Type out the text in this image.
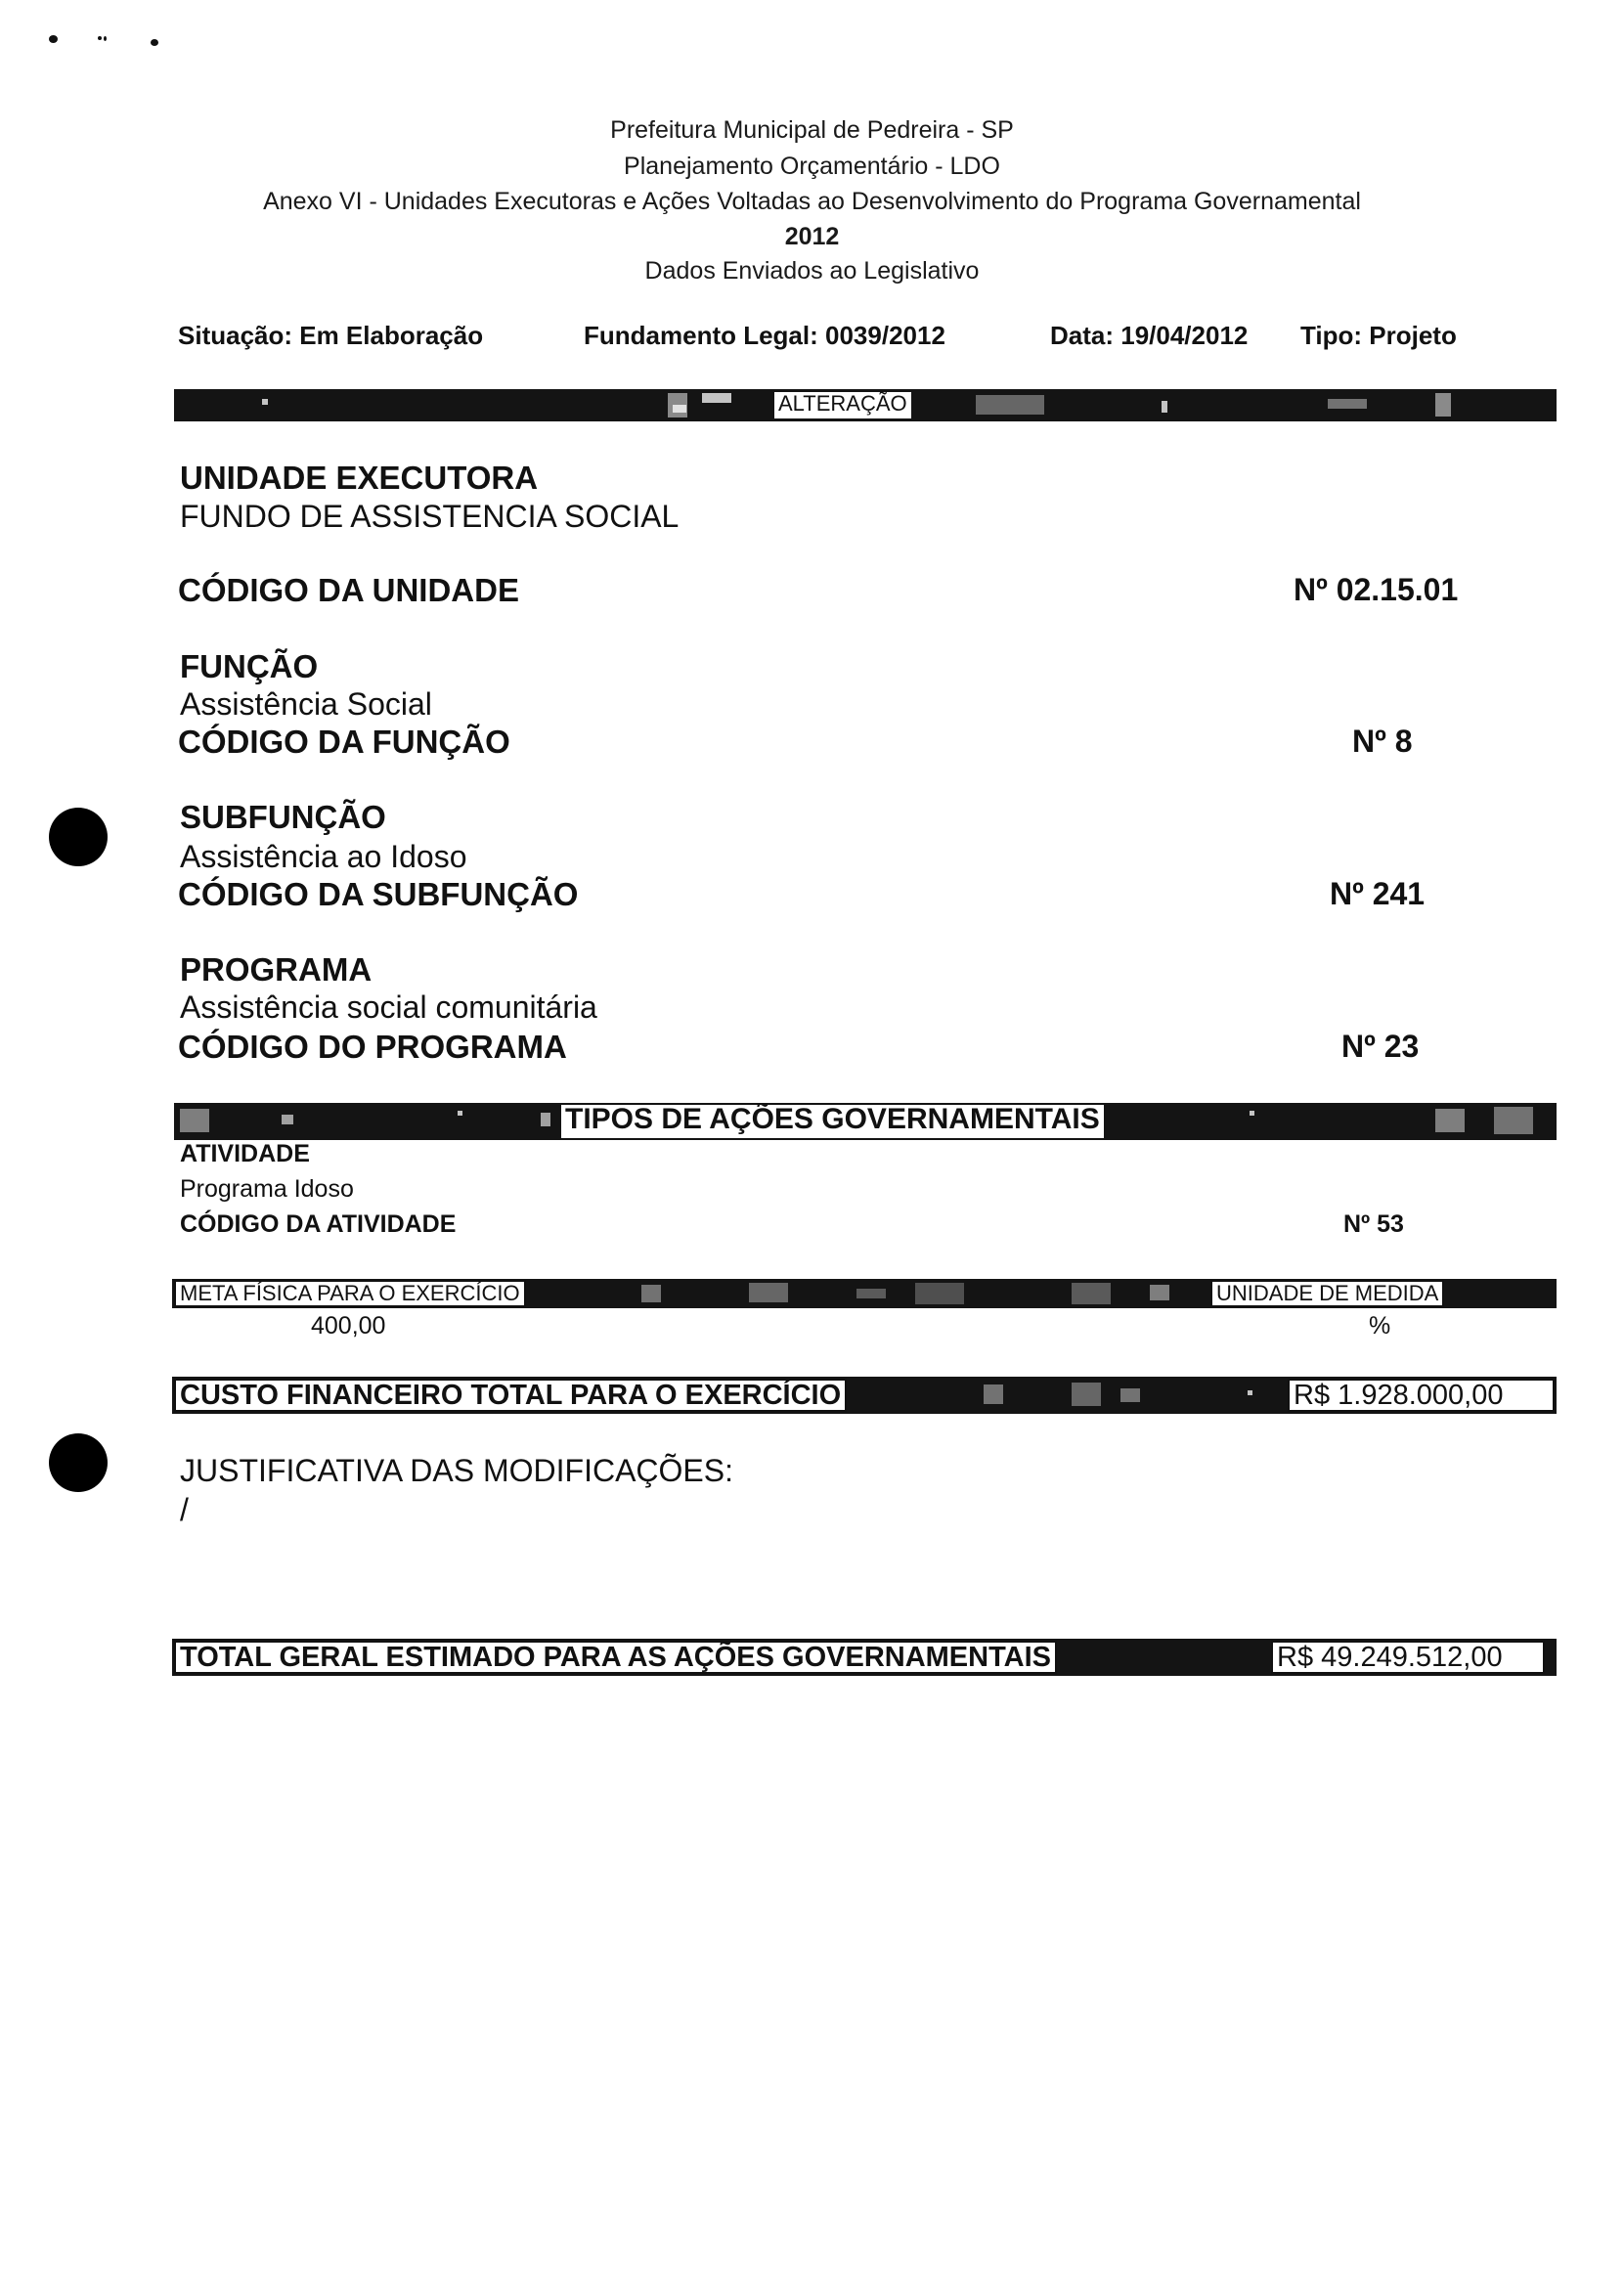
Prefeitura Municipal de Pedreira - SP
Planejamento Orçamentário - LDO
Anexo VI - Unidades Executoras e Ações Voltadas ao Desenvolvimento do Programa Governamental
2012
Dados Enviados ao Legislativo
Situação: Em Elaboração	Fundamento Legal: 0039/2012	Data: 19/04/2012 Tipo: Projeto
ALTERAÇÃO
UNIDADE EXECUTORA
FUNDO DE ASSISTENCIA SOCIAL
CÓDIGO DA UNIDADE	Nº 02.15.01
FUNÇÃO
Assistência Social
CÓDIGO DA FUNÇÃO	Nº 8
SUBFUNÇÃO
Assistência ao Idoso
CÓDIGO DA SUBFUNÇÃO	Nº 241
PROGRAMA
Assistência social comunitária
CÓDIGO DO PROGRAMA	Nº 23
TIPOS DE AÇÕES GOVERNAMENTAIS
ATIVIDADE
Programa Idoso
CÓDIGO DA ATIVIDADE	Nº 53
META FÍSICA PARA O EXERCÍCIO	UNIDADE DE MEDIDA
400,00	%
CUSTO FINANCEIRO TOTAL PARA O EXERCÍCIO	R$ 1.928.000,00
JUSTIFICATIVA DAS MODIFICAÇÕES:
/
TOTAL GERAL ESTIMADO PARA AS AÇÕES GOVERNAMENTAIS	R$ 49.249.512,00
